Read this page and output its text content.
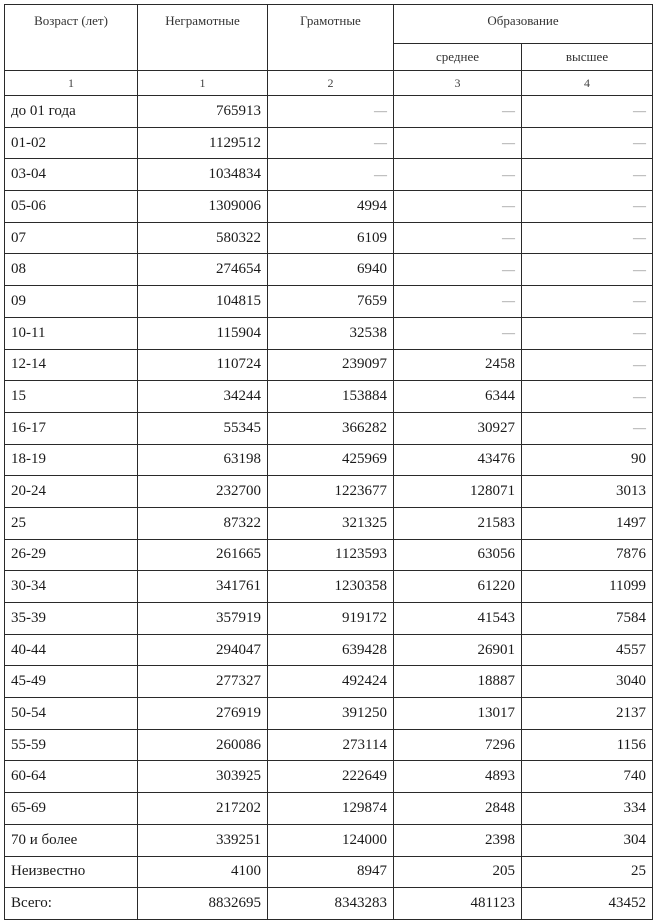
Возраст (лет)	Неграмотные	Грамотные	Образование	
			среднее	высшее
1	1	2	3	4
до 01 года	765913	—	—	—
01-02	1129512	—	—	—
03-04	1034834	—	—	—
05-06	1309006	4994	—	—
07	580322	6109	—	—
08	274654	6940	—	—
09	104815	7659	—	—
10-11	115904	32538	—	—
12-14	110724	239097	2458	—
15	34244	153884	6344	—
16-17	55345	366282	30927	—
18-19	63198	425969	43476	90
20-24	232700	1223677	128071	3013
25	87322	321325	21583	1497
26-29	261665	1123593	63056	7876
30-34	341761	1230358	61220	11099
35-39	357919	919172	41543	7584
40-44	294047	639428	26901	4557
45-49	277327	492424	18887	3040
50-54	276919	391250	13017	2137
55-59	260086	273114	7296	1156
60-64	303925	222649	4893	740
65-69	217202	129874	2848	334
70 и более	339251	124000	2398	304
Неизвестно	4100	8947	205	25
Всего:	8832695	8343283	481123	43452
